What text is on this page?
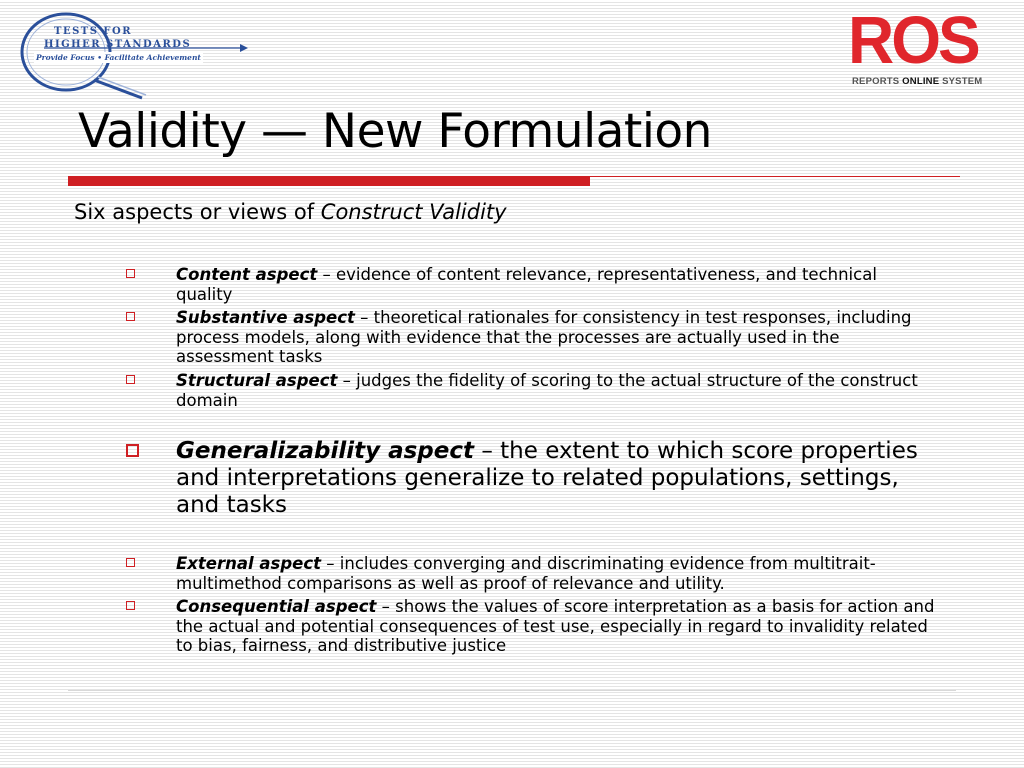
TESTS FOR
HIGHER STANDARDS
Provide Focus • Facilitate Achievement	ROS
REPORTS ONLINE SYSTEM
Validity — New Formulation

Six aspects or views of Construct Validity

Content aspect – evidence of content relevance, representativeness, and technical quality
Substantive aspect – theoretical rationales for consistency in test responses, including process models, along with evidence that the processes are actually used in the assessment tasks
Structural aspect – judges the fidelity of scoring to the actual structure of the construct domain
Generalizability aspect – the extent to which score properties and interpretations generalize to related populations, settings, and tasks
External aspect – includes converging and discriminating evidence from multitrait-multimethod comparisons as well as proof of relevance and utility.
Consequential aspect – shows the values of score interpretation as a basis for action and the actual and potential consequences of test use, especially in regard to invalidity related to bias, fairness, and distributive justice
